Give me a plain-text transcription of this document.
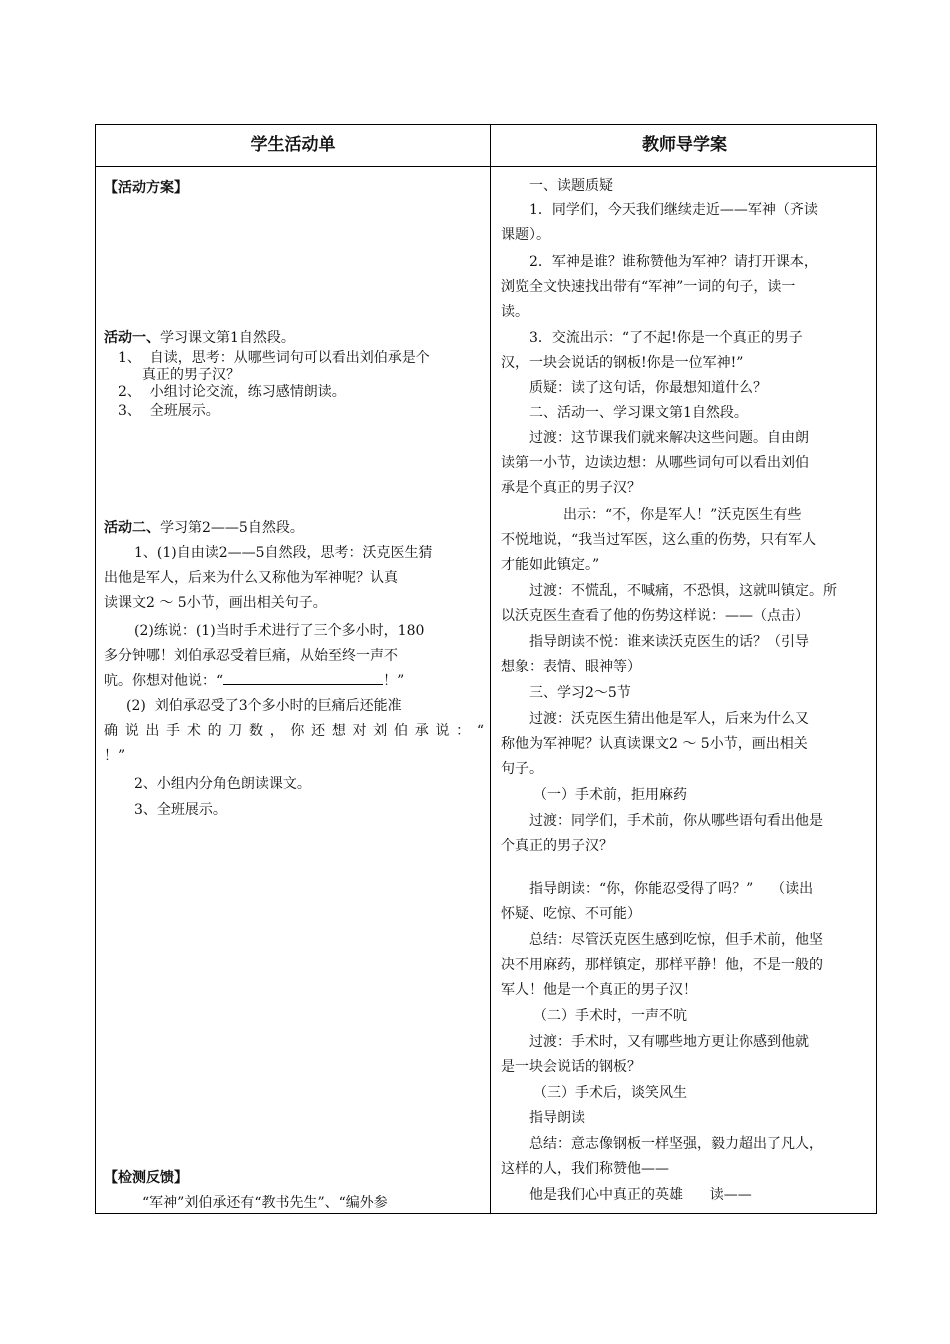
学生活动单	教师导学案
【活动方案】
活动一、学习课文第1自然段。
1、  自读，思考：从哪些词句可以看出刘伯承是个
真正的男子汉？
2、  小组讨论交流，练习感情朗读。
3、  全班展示。
活动二、学习第2——5自然段。
1、(1)自由读2——5自然段，思考：沃克医生猜
出他是军人，后来为什么又称他为军神呢？认真
读课文2 ～ 5小节，画出相关句子。
(2)练说：(1)当时手术进行了三个多小时，180
多分钟哪！刘伯承忍受着巨痛，从始至终一声不
吭。你想对他说：“	！”
(2)  刘伯承忍受了3个多小时的巨痛后还能准
确说出手术的刀数，你还想对刘伯承说：“
！”
2、小组内分角色朗读课文。
3、全班展示。
【检测反馈】
“军神”刘伯承还有“教书先生”、“编外参
一、读题质疑
1．同学们，今天我们继续走近——军神（齐读
课题）。
2．军神是谁？谁称赞他为军神？请打开课本，
浏览全文快速找出带有“军神”一词的句子，读一
读。
3．交流出示：“了不起!你是一个真正的男子
汉，一块会说话的钢板!你是一位军神!”
质疑：读了这句话，你最想知道什么？
二、活动一、学习课文第1自然段。
过渡：这节课我们就来解决这些问题。自由朗
读第一小节，边读边想：从哪些词句可以看出刘伯
承是个真正的男子汉？
出示：“不，你是军人！”沃克医生有些
不悦地说，“我当过军医，这么重的伤势，只有军人
才能如此镇定。”
过渡：不慌乱，不喊痛，不恐惧，这就叫镇定。所
以沃克医生查看了他的伤势这样说：——（点击）
指导朗读不悦：谁来读沃克医生的话？（引导
想象：表情、眼神等）
三、学习2～5节
过渡：沃克医生猜出他是军人，后来为什么又
称他为军神呢？认真读课文2 ～ 5小节，画出相关
句子。
（一）手术前，拒用麻药
过渡：同学们，手术前，你从哪些语句看出他是
个真正的男子汉？
指导朗读：“你，你能忍受得了吗？”    （读出
怀疑、吃惊、不可能）
总结：尽管沃克医生感到吃惊，但手术前，他坚
决不用麻药，那样镇定，那样平静！他，不是一般的
军人！他是一个真正的男子汉！
（二）手术时，一声不吭
过渡：手术时，又有哪些地方更让你感到他就
是一块会说话的钢板？
（三）手术后，谈笑风生
指导朗读
总结：意志像钢板一样坚强，毅力超出了凡人，
这样的人，我们称赞他——
他是我们心中真正的英雄      读——
